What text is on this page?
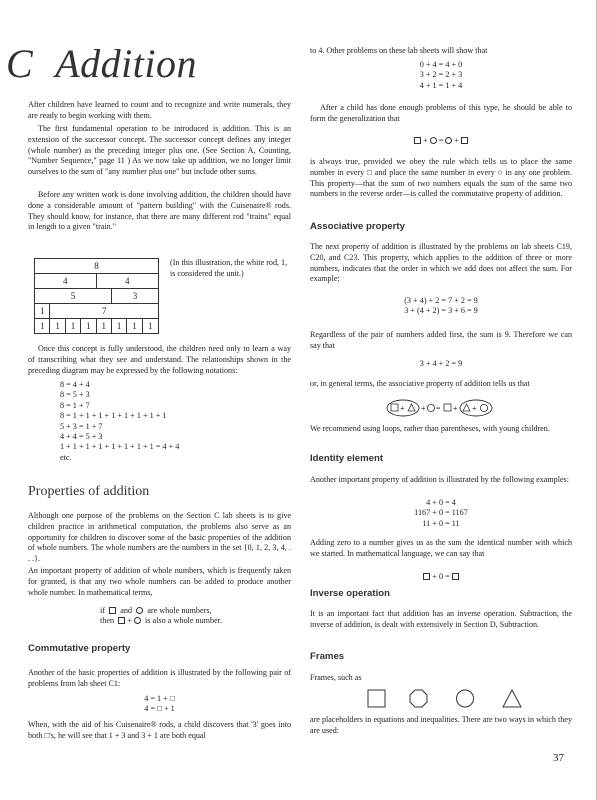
C Addition

After children have learned to count and to recognize and write numerals, they are ready to begin working with them.

The first fundamental operation to be introduced is addition. This is an extension of the successor concept. The successor concept defines any integer (whole number) as the preceding integer plus one. (See Section A, Counting, "Number Sequence," page 11 ) As we now take up addition, we no longer limit ourselves to the sum of "any number plus one" but include other sums.

Before any written work is done involving addition, the children should have done a considerable amount of "pattern building" with the Cuisenaire® rods. They should know, for instance, that there are many different rod "trains" equal in length to a given "train."

8
4	4
5	3
1	7
1	1	1	1	1	1	1	1

(In this illustration, the white rod, 1, is considered the unit.)

Once this concept is fully understood, the children need only to learn a way of transcribing what they see and understand. The relationships shown in the preceding diagram may be expressed by the following notations:

8 = 4 + 4
8 = 5 + 3
8 = 1 + 7
8 = 1 + 1 + 1 + 1 + 1 + 1 + 1 + 1
5 + 3 = 1 + 7
4 + 4 = 5 + 3
1 + 1 + 1 + 1 + 1 + 1 + 1 + 1 = 4 + 4
etc.
Properties of addition

Although one purpose of the problems on the Section C lab sheets is to give children practice in arithmetical computation, the problems also serve as an opportunity for children to discover some of the basic properties of the addition of whole numbers. The whole numbers are the numbers in the set {0, 1, 2, 3, 4, . . .}.

An important property of addition of whole numbers, which is frequently taken for granted, is that any two whole numbers can be added to produce another whole number. In mathematical terms,

if and are whole numbers,
then   +   is also a whole number.
Commutative property

Another of the basic properties of addition is illustrated by the following pair of problems from lab sheet C1:

4 = 1 + □
4 = □ + 1

When, with the aid of his Cuisenaire® rods, a child discovers that '3' goes into both □'s, he will see that 1 + 3 and 3 + 1 are both equal

to 4. Other problems on these lab sheets will show that

0 + 4 = 4 + 0
3 + 2 = 2 + 3
4 + 1 = 1 + 4

After a child has done enough problems of this type, he should be able to form the generalization that

+  =  +

is always true, provided we obey the rule which tells us to place the same number in every □ and place the same number in every ○ in any one problem. This property—that the sum of two numbers equals the sum of the same two numbers in the reverse order—is called the commutative property of addition.

Associative property

The next property of addition is illustrated by the problems on lab sheets C19, C20, and C23. This property, which applies to the addition of three or more numbers, indicates that the order in which we add does not affect the sum. For example:

(3 + 4) + 2 = 7 + 2 = 9
3 + (4 + 2) = 3 + 6 = 9

Regardless of the pair of numbers added first, the sum is 9. Therefore we can say that

3 + 4 + 2 = 9

or, in general terms, the associative property of addition tells us that

+ + = + +

We recommend using loops, rather than parentheses, with young children.

Identity element

Another important property of addition is illustrated by the following examples:

4 + 0 = 4
1167 + 0 = 1167
11 + 0 = 11

Adding zero to a number gives us as the sum the identical number with which we started. In mathematical language, we can say that

+ 0 =
Inverse operation

It is an important fact that addition has an inverse operation. Subtraction, the inverse of addition, is dealt with extensively in Section D, Subtraction.

Frames

Frames, such as

are placeholders in equations and inequalities. There are two ways in which they are used:

37
